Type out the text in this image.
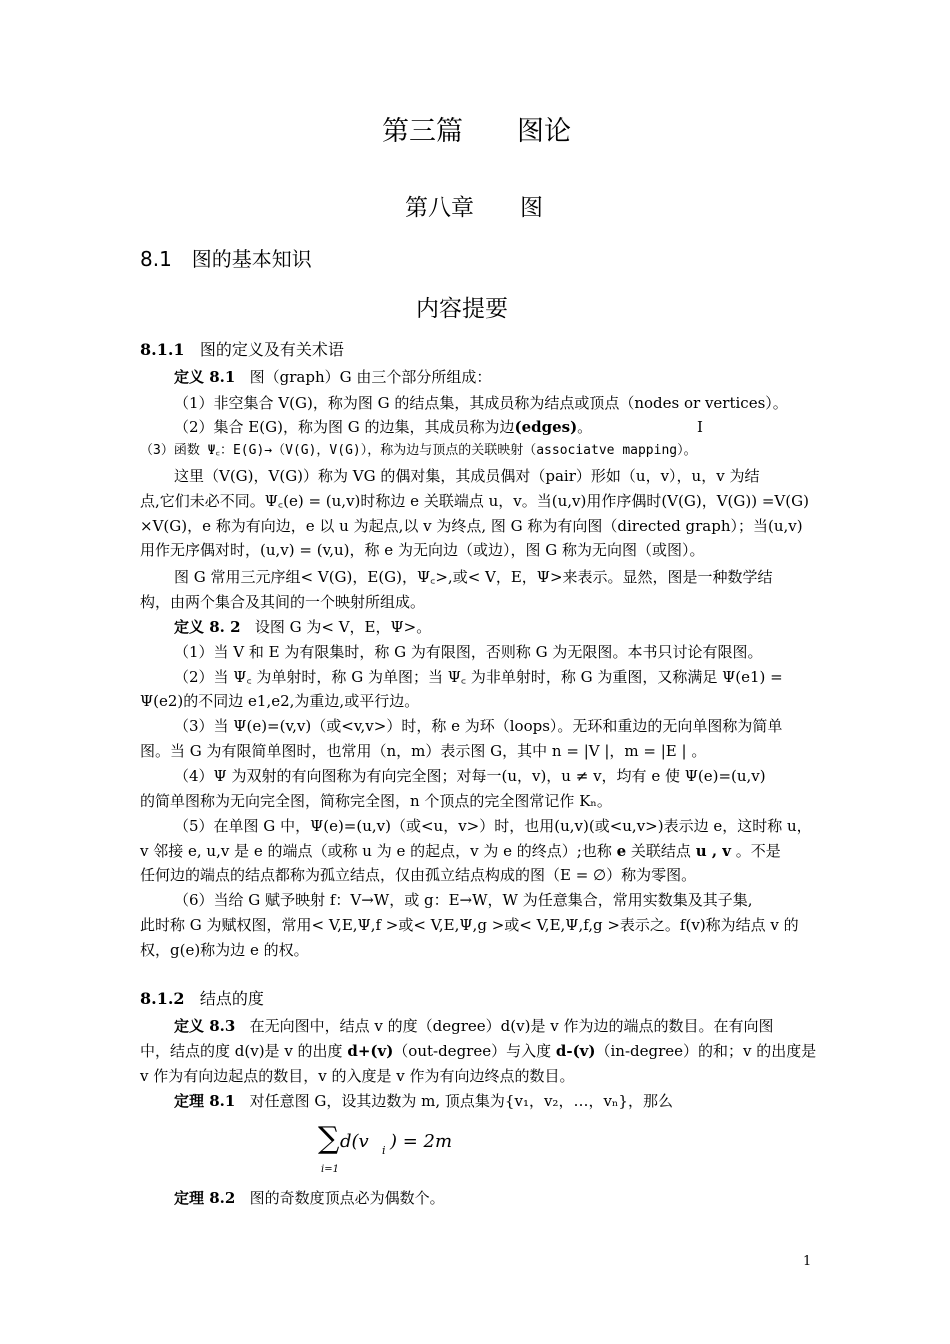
第三篇　　图论
第八章　　图
8.1　图的基本知识
内容提要
8.1.1 图的定义及有关术语
定义 8.1 图（graph）G 由三个部分所组成：
（1）非空集合 V(G)，称为图 G 的结点集，其成员称为结点或顶点（nodes or vertices）。
（2）集合 E(G)，称为图 G 的边集，其成员称为边(edges)。	I
（3）函数 Ψ꜀：E(G)→（V(G)，V(G)），称为边与顶点的关联映射（associatve mapping）。
这里（V(G)，V(G)）称为 VG 的偶对集，其成员偶对（pair）形如（u，v），u，v 为结
点,它们未必不同。Ψ꜀(e) = (u,v)时称边 e 关联端点 u，v。当(u,v)用作序偶时(V(G)，V(G)) =V(G)
×V(G)，e 称为有向边，e 以 u 为起点,以 v 为终点, 图 G 称为有向图（directed graph）；当(u,v)
用作无序偶对时，(u,v) = (v,u)，称 e 为无向边（或边），图 G 称为无向图（或图）。
图 G 常用三元序组< V(G)，E(G)，Ψ꜀>,或< V，E，Ψ>来表示。显然，图是一种数学结
构，由两个集合及其间的一个映射所组成。
定义 8. 2 设图 G 为< V，E，Ψ>。
（1）当 V 和 E 为有限集时，称 G 为有限图，否则称 G 为无限图。本书只讨论有限图。
（2）当 Ψ꜀ 为单射时，称 G 为单图；当 Ψ꜀ 为非单射时，称 G 为重图，又称满足 Ψ(e1) =
Ψ(e2)的不同边 e1,e2,为重边,或平行边。
（3）当 Ψ(e)=(v,v)（或<v,v>）时，称 e 为环（loops）。无环和重边的无向单图称为简单
图。当 G 为有限简单图时，也常用（n，m）表示图 G，其中 n = |V |，m = |E | 。
（4）Ψ 为双射的有向图称为有向完全图；对每一(u，v)，u ≠ v，均有 e 使 Ψ(e)=(u,v)
的简单图称为无向完全图，简称完全图，n 个顶点的完全图常记作 Kₙ。
（5）在单图 G 中，Ψ(e)=(u,v)（或<u，v>）时，也用(u,v)(或<u,v>)表示边 e，这时称 u，
v 邻接 e, u,v 是 e 的端点（或称 u 为 e 的起点，v 为 e 的终点）;也称 e 关联结点 u , v 。不是
任何边的端点的结点都称为孤立结点，仅由孤立结点构成的图（E = ∅）称为零图。
（6）当给 G 赋予映射 f：V→W，或 g：E→W，W 为任意集合，常用实数集及其子集,
此时称 G 为赋权图，常用< V,E,Ψ,f >或< V,E,Ψ,g >或< V,E,Ψ,f,g >表示之。f(v)称为结点 v 的
权，g(e)称为边 e 的权。
8.1.2 结点的度
定义 8.3 在无向图中，结点 v 的度（degree）d(v)是 v 作为边的端点的数目。在有向图
中，结点的度 d(v)是 v 的出度 d+(v)（out-degree）与入度 d-(v)（in-degree）的和；v 的出度是
v 作为有向边起点的数目，v 的入度是 v 作为有向边终点的数目。
定理 8.1 对任意图 G，设其边数为 m, 顶点集为{v₁，v₂，…，vₙ}，那么
∑ d(v i ) = 2m
i=1
定理 8.2 图的奇数度顶点必为偶数个。
1
